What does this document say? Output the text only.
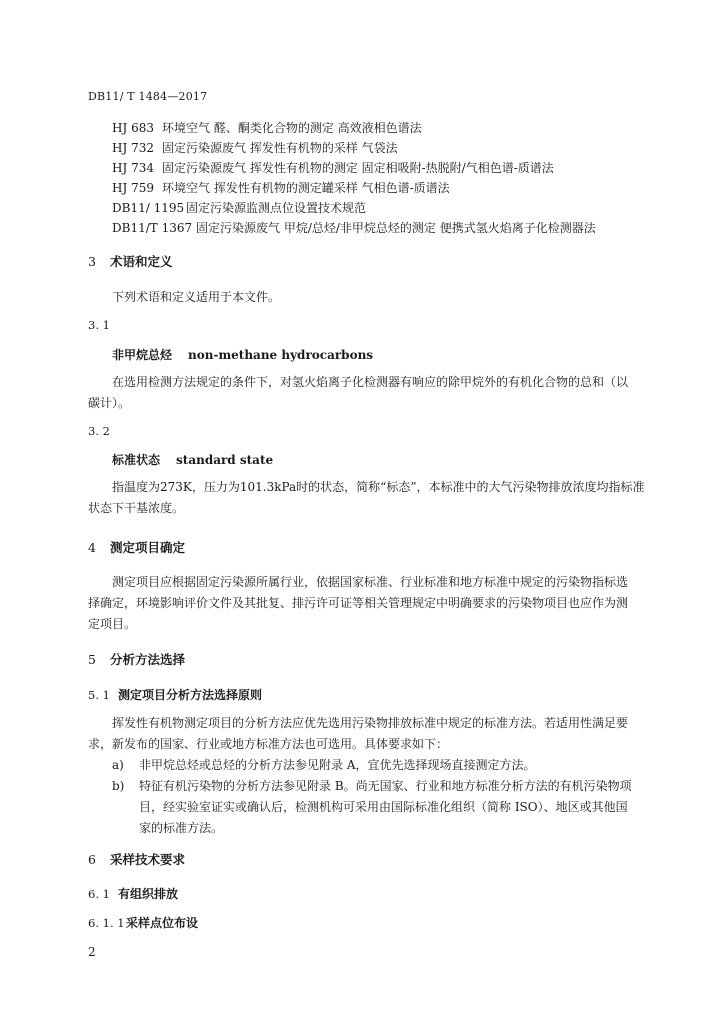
DB11/ T 1484—2017
HJ 683 环境空气 醛、酮类化合物的测定 高效液相色谱法
HJ 732 固定污染源废气 挥发性有机物的采样 气袋法
HJ 734 固定污染源废气 挥发性有机物的测定 固定相吸附-热脱附/气相色谱-质谱法
HJ 759 环境空气 挥发性有机物的测定罐采样 气相色谱-质谱法
DB11/ 1195 固定污染源监测点位设置技术规范
DB11/T 1367 固定污染源废气 甲烷/总烃/非甲烷总烃的测定 便携式氢火焰离子化检测器法
3 术语和定义
下列术语和定义适用于本文件。
3. 1
非甲烷总烃 non-methane hydrocarbons
在选用检测方法规定的条件下，对氢火焰离子化检测器有响应的除甲烷外的有机化合物的总和（以
碳计）。
3. 2
标准状态 standard state
指温度为273K，压力为101.3kPa时的状态，简称“标态”，本标准中的大气污染物排放浓度均指标准
状态下干基浓度。
4 测定项目确定
测定项目应根据固定污染源所属行业，依据国家标准、行业标准和地方标准中规定的污染物指标选
择确定，环境影响评价文件及其批复、排污许可证等相关管理规定中明确要求的污染物项目也应作为测
定项目。
5 分析方法选择
5. 1 测定项目分析方法选择原则
挥发性有机物测定项目的分析方法应优先选用污染物排放标准中规定的标准方法。若适用性满足要
求，新发布的国家、行业或地方标准方法也可选用。具体要求如下：
a) 非甲烷总烃或总烃的分析方法参见附录 A，宜优先选择现场直接测定方法。
b) 特征有机污染物的分析方法参见附录 B。尚无国家、行业和地方标准分析方法的有机污染物项
目，经实验室证实或确认后，检测机构可采用由国际标准化组织（简称 ISO）、地区或其他国
家的标准方法。
6 采样技术要求
6. 1 有组织排放
6. 1. 1采样点位布设
2
